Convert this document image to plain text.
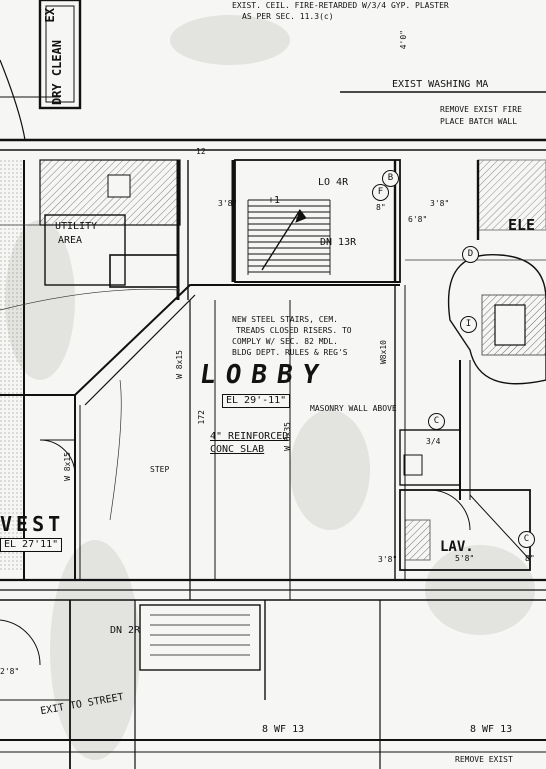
EXIST. CEIL. FIRE-RETARDED W/3/4 GYP. PLASTER
AS PER SEC. 11.3(c)
EXIST WASHING MA
REMOVE EXIST FIRE
PLACE BATCH WALL
DRY CLEAN
EX
UTILITY
AREA
+1
DN 13R
LO 4R
NEW STEEL STAIRS, CEM.
TREADS CLOSED RISERS. TO
COMPLY W/ SEC. 82 MDL.
BLDG DEPT. RULES & REG'S
LOBBY
EL 29'-11"
MASONRY WALL ABOVE
4" REINFORCED
CONC SLAB
W 8x15
W 8x15
W8x10
W 8x35
STEP
VEST
EL 27'11"	LAV.
ELE
DN 2R
EXIT TO STREET
8 WF 13	8 WF 13
REMOVE EXIST
3'8"	3'8"
6'8"
3'8"	8"
8"
5'8"
3/4
4'0"
12
172
2'8"
F
D
I
C
C
B
